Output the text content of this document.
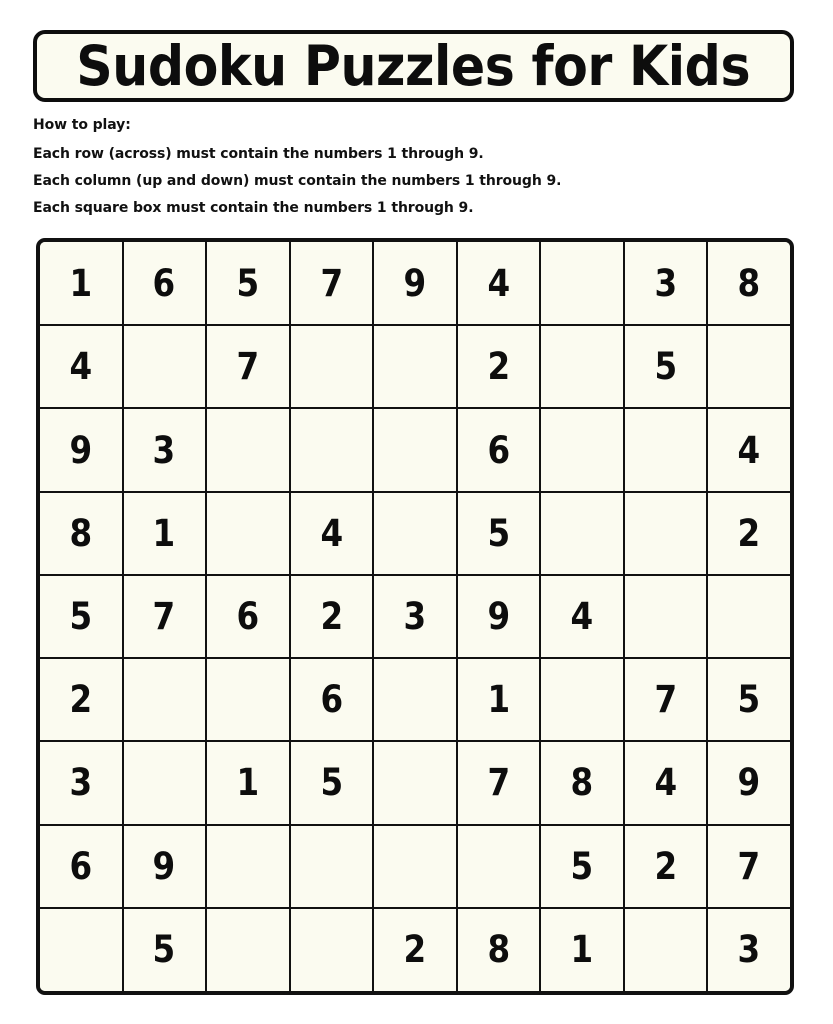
Sudoku Puzzles for Kids
How to play:
Each row (across) must contain the numbers 1 through 9.
Each column (up and down) must contain the numbers 1 through 9.
Each square box must contain the numbers 1 through 9.
1	6	5	7	9	4		3	8
4		7			2		5	
9	3				6			4
8	1		4		5			2
5	7	6	2	3	9	4		
2			6		1		7	5
3		1	5		7	8	4	9
6	9					5	2	7
	5			2	8	1		3
